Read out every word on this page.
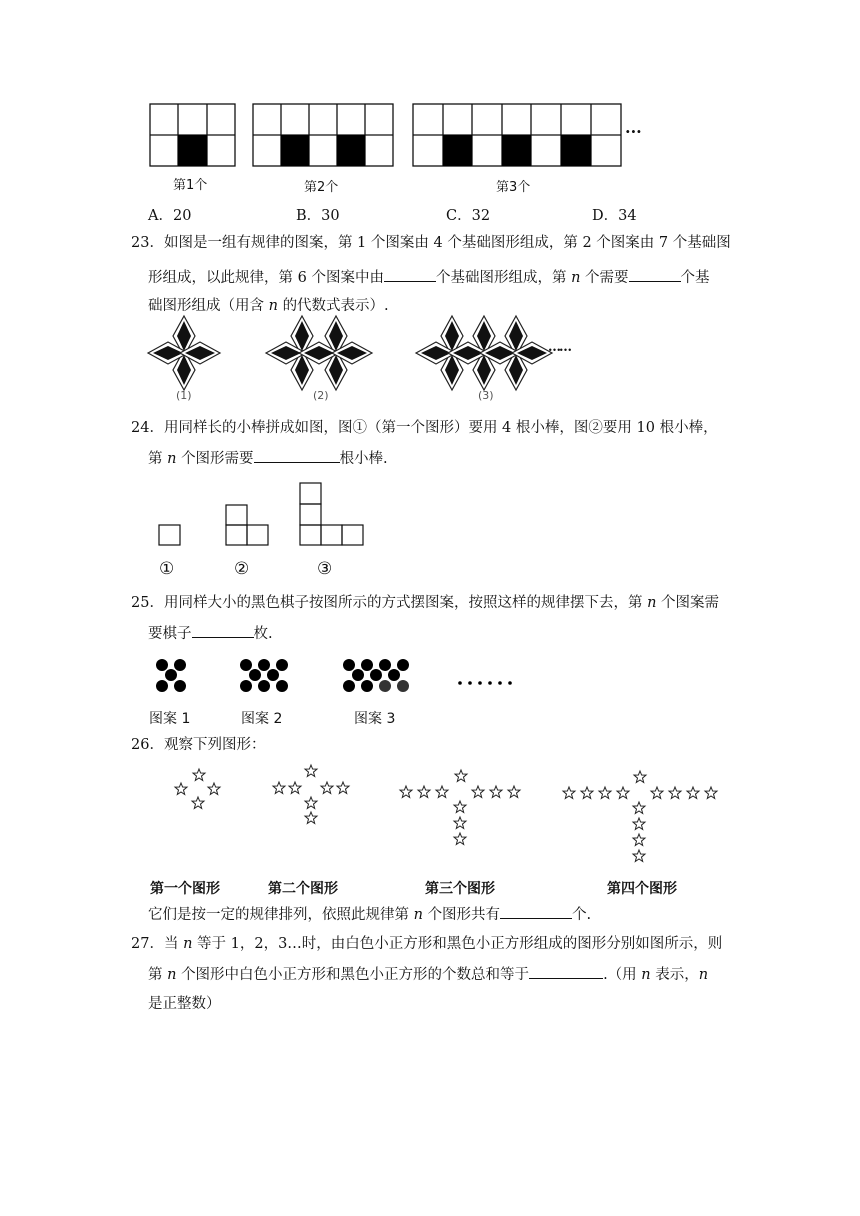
···
第1个	第2个	第3个
A．20	B．30	C．32	D．34
23．如图是一组有规律的图案，第 1 个图案由 4 个基础图形组成，第 2 个图案由 7 个基础图
形组成，以此规律，第 6 个图案中由	个基础图形组成，第 n 个需要	个基
础图形组成（用含 n 的代数式表示）.
……
(1)	(2)	(3)
24．用同样长的小棒拼成如图，图①（第一个图形）要用 4 根小棒，图②要用 10 根小棒，
第 n 个图形需要	根小棒.
①	②	③
25．用同样大小的黑色棋子按图所示的方式摆图案，按照这样的规律摆下去，第 n 个图案需
要棋子	枚.
图案 1	图案 2	图案 3
26．观察下列图形：
第一个图形	第二个图形	第三个图形	第四个图形
它们是按一定的规律排列，依照此规律第 n 个图形共有	个.
27．当 n 等于 1，2，3…时，由白色小正方形和黑色小正方形组成的图形分别如图所示，则
第 n 个图形中白色小正方形和黑色小正方形的个数总和等于	.（用 n 表示，n
是正整数）
